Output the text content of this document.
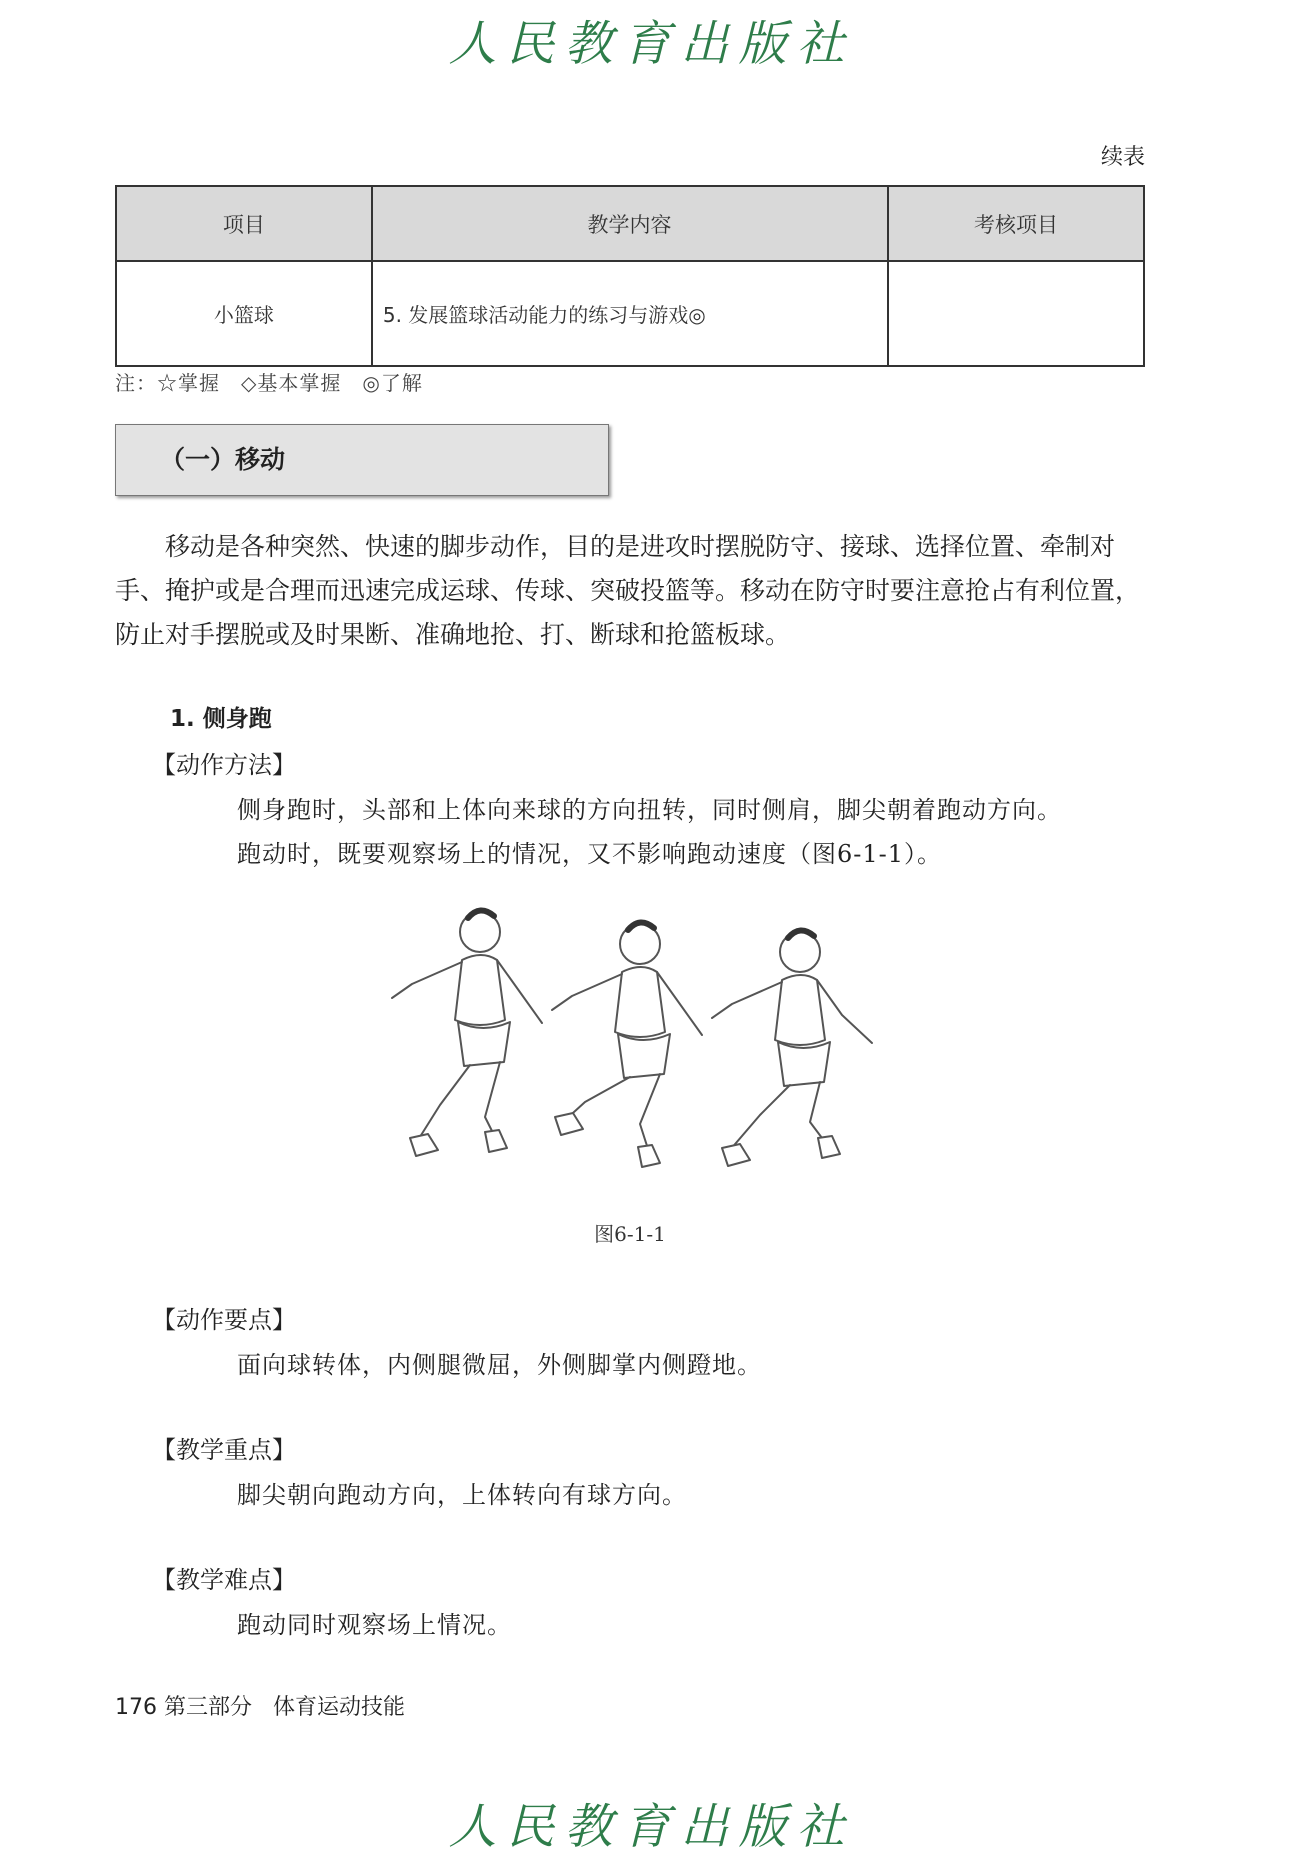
人民教育出版社
续表
项目	教学内容	考核项目
小篮球	5. 发展篮球活动能力的练习与游戏◎	
注：☆掌握　◇基本掌握　◎了解
（一）移动
移动是各种突然、快速的脚步动作，目的是进攻时摆脱防守、接球、选择位置、牵制对手、掩护或是合理而迅速完成运球、传球、突破投篮等。移动在防守时要注意抢占有利位置，防止对手摆脱或及时果断、准确地抢、打、断球和抢篮板球。
1. 侧身跑
【动作方法】
侧身跑时，头部和上体向来球的方向扭转，同时侧肩，脚尖朝着跑动方向。
跑动时，既要观察场上的情况，又不影响跑动速度（图6-1-1）。
图6-1-1
【动作要点】
面向球转体，内侧腿微屈，外侧脚掌内侧蹬地。
【教学重点】
脚尖朝向跑动方向，上体转向有球方向。
【教学难点】
跑动同时观察场上情况。
176 第三部分 体育运动技能
人民教育出版社
